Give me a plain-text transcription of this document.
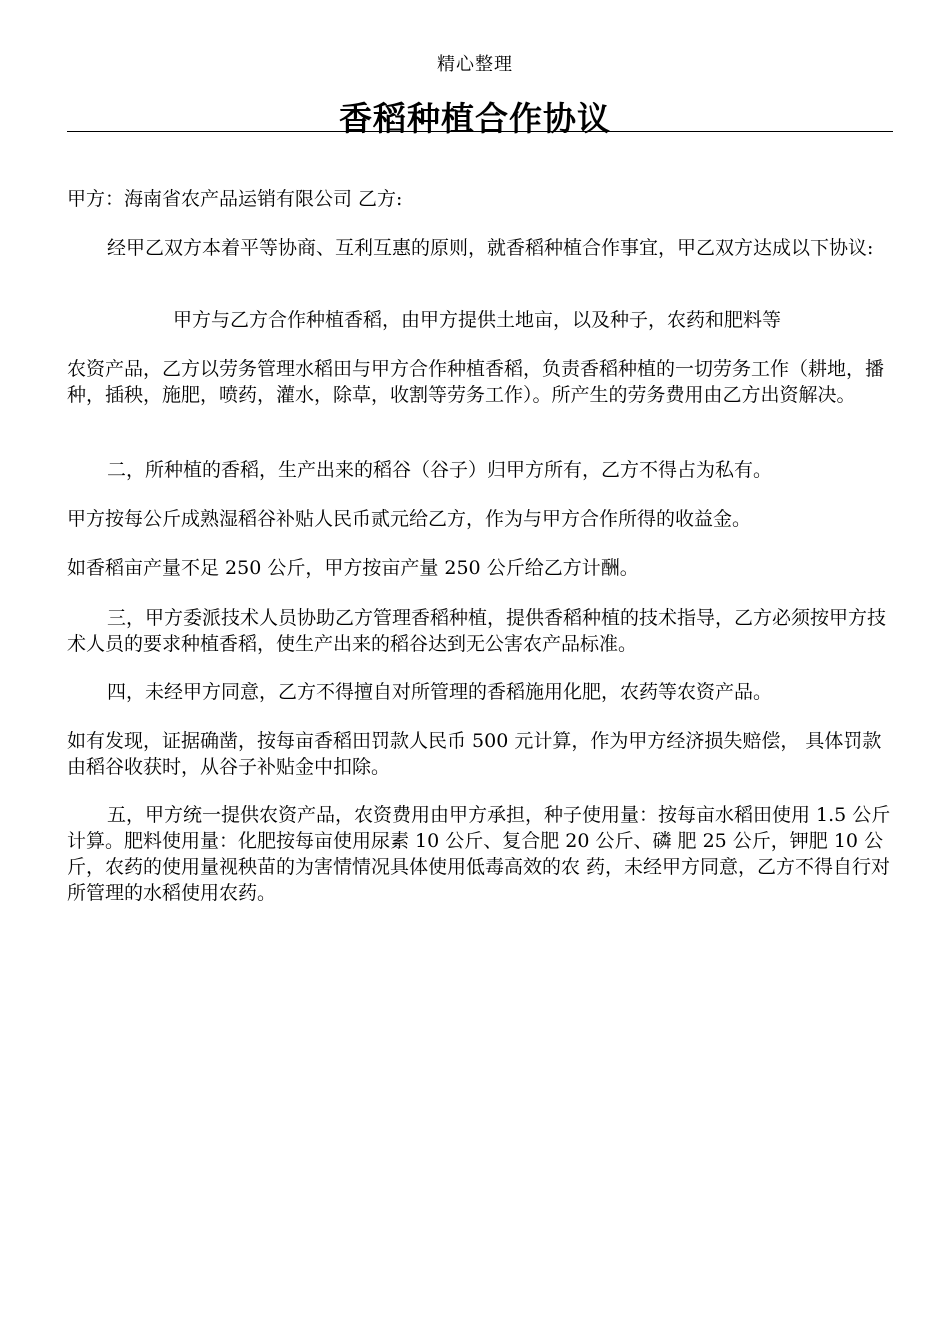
精心整理
香稻种植合作协议

甲方：海南省农产品运销有限公司 乙方:

经甲乙双方本着平等协商、互利互惠的原则，就香稻种植合作事宜，甲乙双方达成以下协议:

甲方与乙方合作种植香稻，由甲方提供土地亩，以及种子，农药和肥料等

农资产品，乙方以劳务管理水稻田与甲方合作种植香稻，负责香稻种植的一切劳务工作（耕地，播种，插秧，施肥，喷药，灌水，除草，收割等劳务工作）。所产生的劳务费用由乙方出资解决。

二，所种植的香稻，生产出来的稻谷（谷子）归甲方所有，乙方不得占为私有。

甲方按每公斤成熟湿稻谷补贴人民币贰元给乙方，作为与甲方合作所得的收益金。

如香稻亩产量不足 250 公斤，甲方按亩产量 250 公斤给乙方计酬。

三，甲方委派技术人员协助乙方管理香稻种植，提供香稻种植的技术指导，乙方必须按甲方技术人员的要求种植香稻，使生产出来的稻谷达到无公害农产品标准。

四，未经甲方同意，乙方不得擅自对所管理的香稻施用化肥，农药等农资产品。

如有发现，证据确凿，按每亩香稻田罚款人民币 500 元计算，作为甲方经济损失赔偿， 具体罚款由稻谷收获时，从谷子补贴金中扣除。

五，甲方统一提供农资产品，农资费用由甲方承担，种子使用量：按每亩水稻田使用 1.5 公斤计算。肥料使用量：化肥按每亩使用尿素 10 公斤、复合肥 20 公斤、磷 肥 25 公斤，钾肥 10 公斤，农药的使用量视秧苗的为害情情况具体使用低毒高效的农 药，未经甲方同意，乙方不得自行对所管理的水稻使用农药。
